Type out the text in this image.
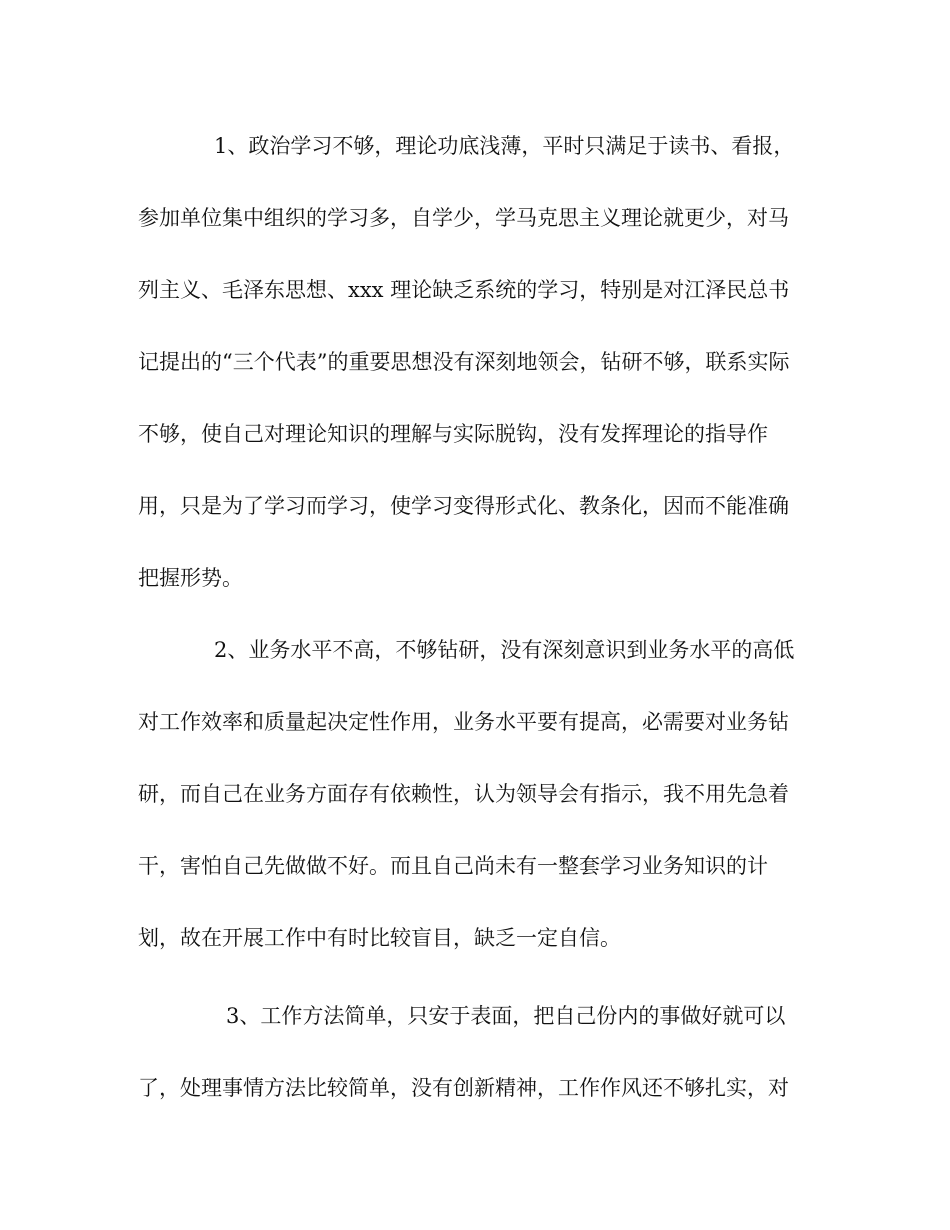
1、政治学习不够，理论功底浅薄，平时只满足于读书、看报，
参加单位集中组织的学习多，自学少，学马克思主义理论就更少，对马
列主义、毛泽东思想、xxx 理论缺乏系统的学习，特别是对江泽民总书
记提出的“三个代表”的重要思想没有深刻地领会，钻研不够，联系实际
不够，使自己对理论知识的理解与实际脱钩，没有发挥理论的指导作
用，只是为了学习而学习，使学习变得形式化、教条化，因而不能准确
把握形势。
2、业务水平不高，不够钻研，没有深刻意识到业务水平的高低
对工作效率和质量起决定性作用，业务水平要有提高，必需要对业务钻
研，而自己在业务方面存有依赖性，认为领导会有指示，我不用先急着
干，害怕自己先做做不好。而且自己尚未有一整套学习业务知识的计
划，故在开展工作中有时比较盲目，缺乏一定自信。
3、工作方法简单，只安于表面，把自己份内的事做好就可以
了，处理事情方法比较简单，没有创新精神，工作作风还不够扎实，对
